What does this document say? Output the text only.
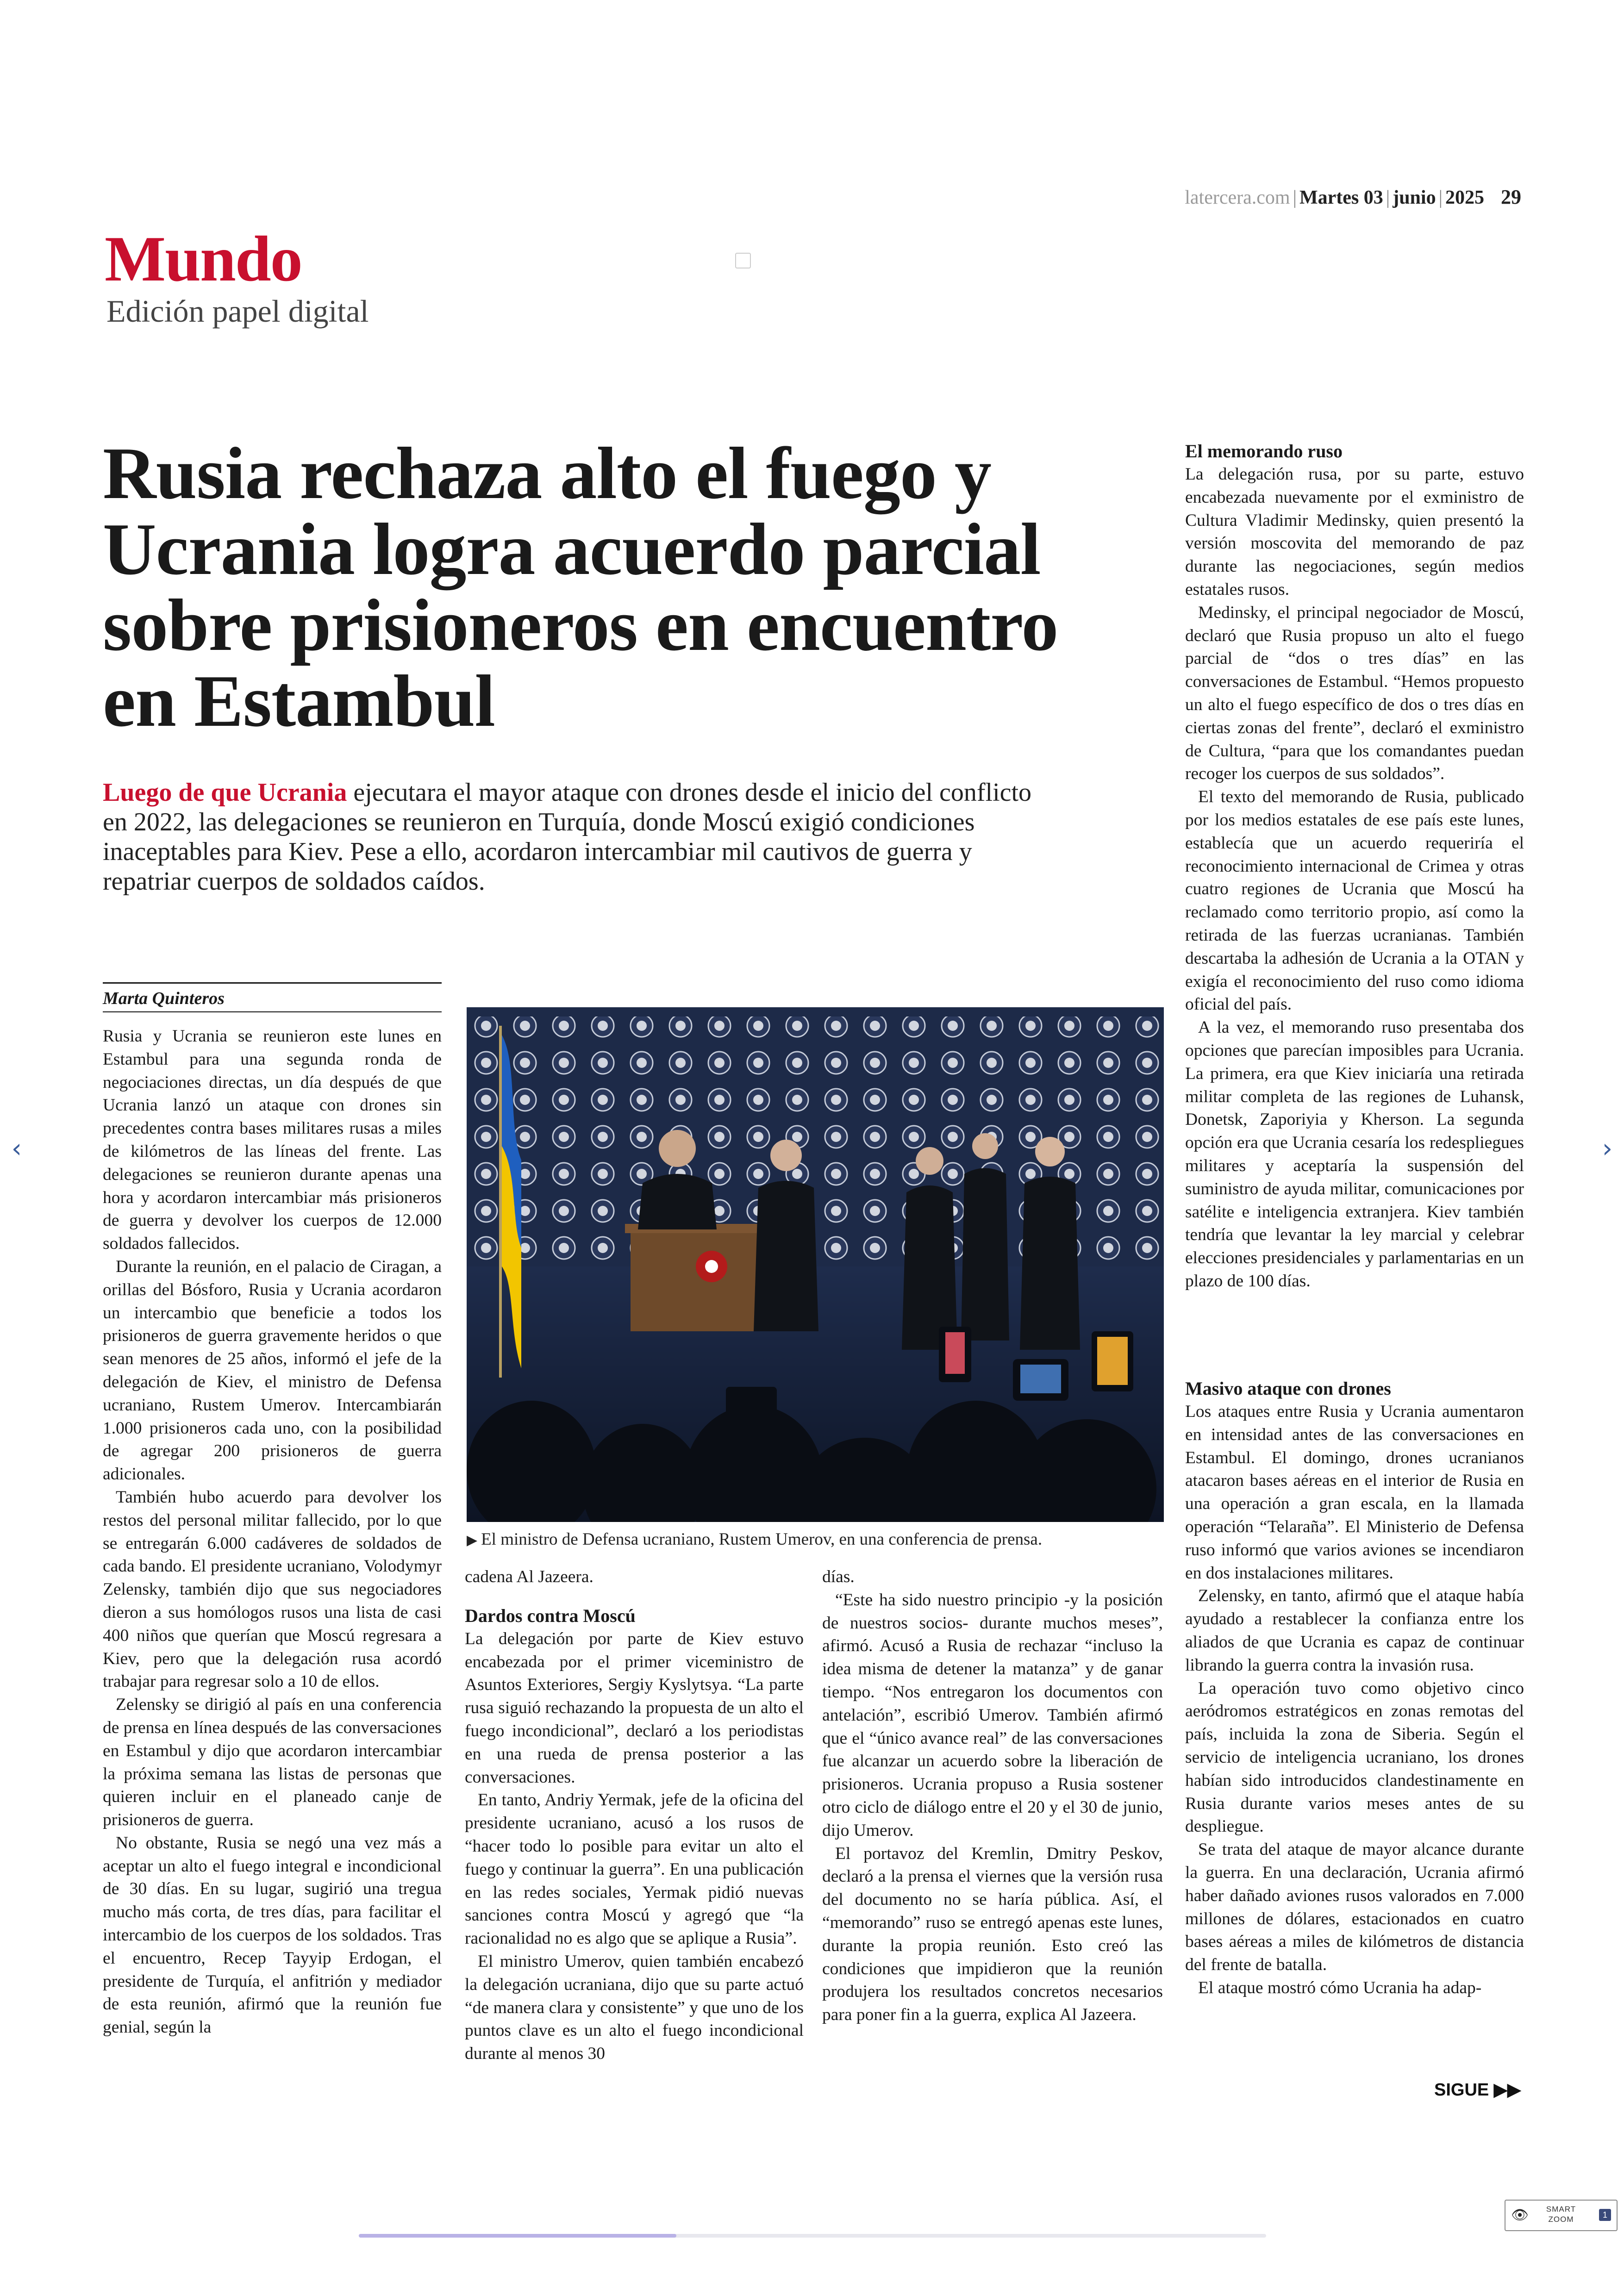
latercera.com | Martes 03 | junio | 2025 29
Mundo
Edición papel digital
Rusia rechaza alto el fuego y Ucrania logra acuerdo parcial sobre prisioneros en encuentro en Estambul

Luego de que Ucrania ejecutara el mayor ataque con drones desde el inicio del conflicto en 2022, las delegaciones se reunieron en Turquía, donde Moscú exigió condiciones inaceptables para Kiev. Pese a ello, acordaron intercambiar mil cautivos de guerra y repatriar cuerpos de soldados caídos.

Marta Quinteros

Rusia y Ucrania se reunieron este lunes en Estambul para una segunda ronda de negociaciones directas, un día después de que Ucrania lanzó un ataque con drones sin precedentes contra bases militares rusas a miles de kilómetros de las líneas del frente. Las delegaciones se reunieron durante apenas una hora y acordaron intercambiar más prisioneros de guerra y devolver los cuerpos de 12.000 soldados fallecidos.

Durante la reunión, en el palacio de Ciragan, a orillas del Bósforo, Rusia y Ucrania acordaron un intercambio que beneficie a todos los prisioneros de guerra gravemente heridos o que sean menores de 25 años, informó el jefe de la delegación de Kiev, el ministro de Defensa ucraniano, Rustem Umerov. Intercambiarán 1.000 prisioneros cada uno, con la posibilidad de agregar 200 prisioneros de guerra adicionales.

También hubo acuerdo para devolver los restos del personal militar fallecido, por lo que se entregarán 6.000 cadáveres de soldados de cada bando. El presidente ucraniano, Volodymyr Zelensky, también dijo que sus negociadores dieron a sus homólogos rusos una lista de casi 400 niños que querían que Moscú regresara a Kiev, pero que la delegación rusa acordó trabajar para regresar solo a 10 de ellos.

Zelensky se dirigió al país en una conferencia de prensa en línea después de las conversaciones en Estambul y dijo que acordaron intercambiar la próxima semana las listas de personas que quieren incluir en el planeado canje de prisioneros de guerra.

No obstante, Rusia se negó una vez más a aceptar un alto el fuego integral e incondicional de 30 días. En su lugar, sugirió una tregua mucho más corta, de tres días, para facilitar el intercambio de los cuerpos de los soldados. Tras el encuentro, Recep Tayyip Erdogan, el presidente de Turquía, el anfitrión y mediador de esta reunión, afirmó que la reunión fue genial, según la

▶ El ministro de Defensa ucraniano, Rustem Umerov, en una conferencia de prensa.

cadena Al Jazeera.

Dardos contra Moscú

La delegación por parte de Kiev estuvo encabezada por el primer viceministro de Asuntos Exteriores, Sergiy Kyslytsya. “La parte rusa siguió rechazando la propuesta de un alto el fuego incondicional”, declaró a los periodistas en una rueda de prensa posterior a las conversaciones.

En tanto, Andriy Yermak, jefe de la oficina del presidente ucraniano, acusó a los rusos de “hacer todo lo posible para evitar un alto el fuego y continuar la guerra”. En una publicación en las redes sociales, Yermak pidió nuevas sanciones contra Moscú y agregó que “la racionalidad no es algo que se aplique a Rusia”.

El ministro Umerov, quien también encabezó la delegación ucraniana, dijo que su parte actuó “de manera clara y consistente” y que uno de los puntos clave es un alto el fuego incondicional durante al menos 30

días.

“Este ha sido nuestro principio -y la posición de nuestros socios- durante muchos meses”, afirmó. Acusó a Rusia de rechazar “incluso la idea misma de detener la matanza” y de ganar tiempo. “Nos entregaron los documentos con antelación”, escribió Umerov. También afirmó que el “único avance real” de las conversaciones fue alcanzar un acuerdo sobre la liberación de prisioneros. Ucrania propuso a Rusia sostener otro ciclo de diálogo entre el 20 y el 30 de junio, dijo Umerov.

El portavoz del Kremlin, Dmitry Peskov, declaró a la prensa el viernes que la versión rusa del documento no se haría pública. Así, el “memorando” ruso se entregó apenas este lunes, durante la propia reunión. Esto creó las condiciones que impidieron que la reunión produjera los resultados concretos necesarios para poner fin a la guerra, explica Al Jazeera.

El memorando ruso

La delegación rusa, por su parte, estuvo encabezada nuevamente por el exministro de Cultura Vladimir Medinsky, quien presentó la versión moscovita del memorando de paz durante las negociaciones, según medios estatales rusos.

Medinsky, el principal negociador de Moscú, declaró que Rusia propuso un alto el fuego parcial de “dos o tres días” en las conversaciones de Estambul. “Hemos propuesto un alto el fuego específico de dos o tres días en ciertas zonas del frente”, declaró el exministro de Cultura, “para que los comandantes puedan recoger los cuerpos de sus soldados”.

El texto del memorando de Rusia, publicado por los medios estatales de ese país este lunes, establecía que un acuerdo requeriría el reconocimiento internacional de Crimea y otras cuatro regiones de Ucrania que Moscú ha reclamado como territorio propio, así como la retirada de las fuerzas ucranianas. También descartaba la adhesión de Ucrania a la OTAN y exigía el reconocimiento del ruso como idioma oficial del país.

A la vez, el memorando ruso presentaba dos opciones que parecían imposibles para Ucrania. La primera, era que Kiev iniciaría una retirada militar completa de las regiones de Luhansk, Donetsk, Zaporiyia y Kherson. La segunda opción era que Ucrania cesaría los redespliegues militares y aceptaría la suspensión del suministro de ayuda militar, comunicaciones por satélite e inteligencia extranjera. Kiev también tendría que levantar la ley marcial y celebrar elecciones presidenciales y parlamentarias en un plazo de 100 días.

Masivo ataque con drones

Los ataques entre Rusia y Ucrania aumentaron en intensidad antes de las conversaciones en Estambul. El domingo, drones ucranianos atacaron bases aéreas en el interior de Rusia en una operación a gran escala, en la llamada operación “Telaraña”. El Ministerio de Defensa ruso informó que varios aviones se incendiaron en dos instalaciones militares.

Zelensky, en tanto, afirmó que el ataque había ayudado a restablecer la confianza entre los aliados de que Ucrania es capaz de continuar librando la guerra contra la invasión rusa.

La operación tuvo como objetivo cinco aeródromos estratégicos en zonas remotas del país, incluida la zona de Siberia. Según el servicio de inteligencia ucraniano, los drones habían sido introducidos clandestinamente en Rusia durante varios meses antes de su despliegue.

Se trata del ataque de mayor alcance durante la guerra. En una declaración, Ucrania afirmó haber dañado aviones rusos valorados en 7.000 millones de dólares, estacionados en cuatro bases aéreas a miles de kilómetros de distancia del frente de batalla.

El ataque mostró cómo Ucrania ha adap-

SIGUE ▶▶
‹	›
👁	SMART ZOOM	1
